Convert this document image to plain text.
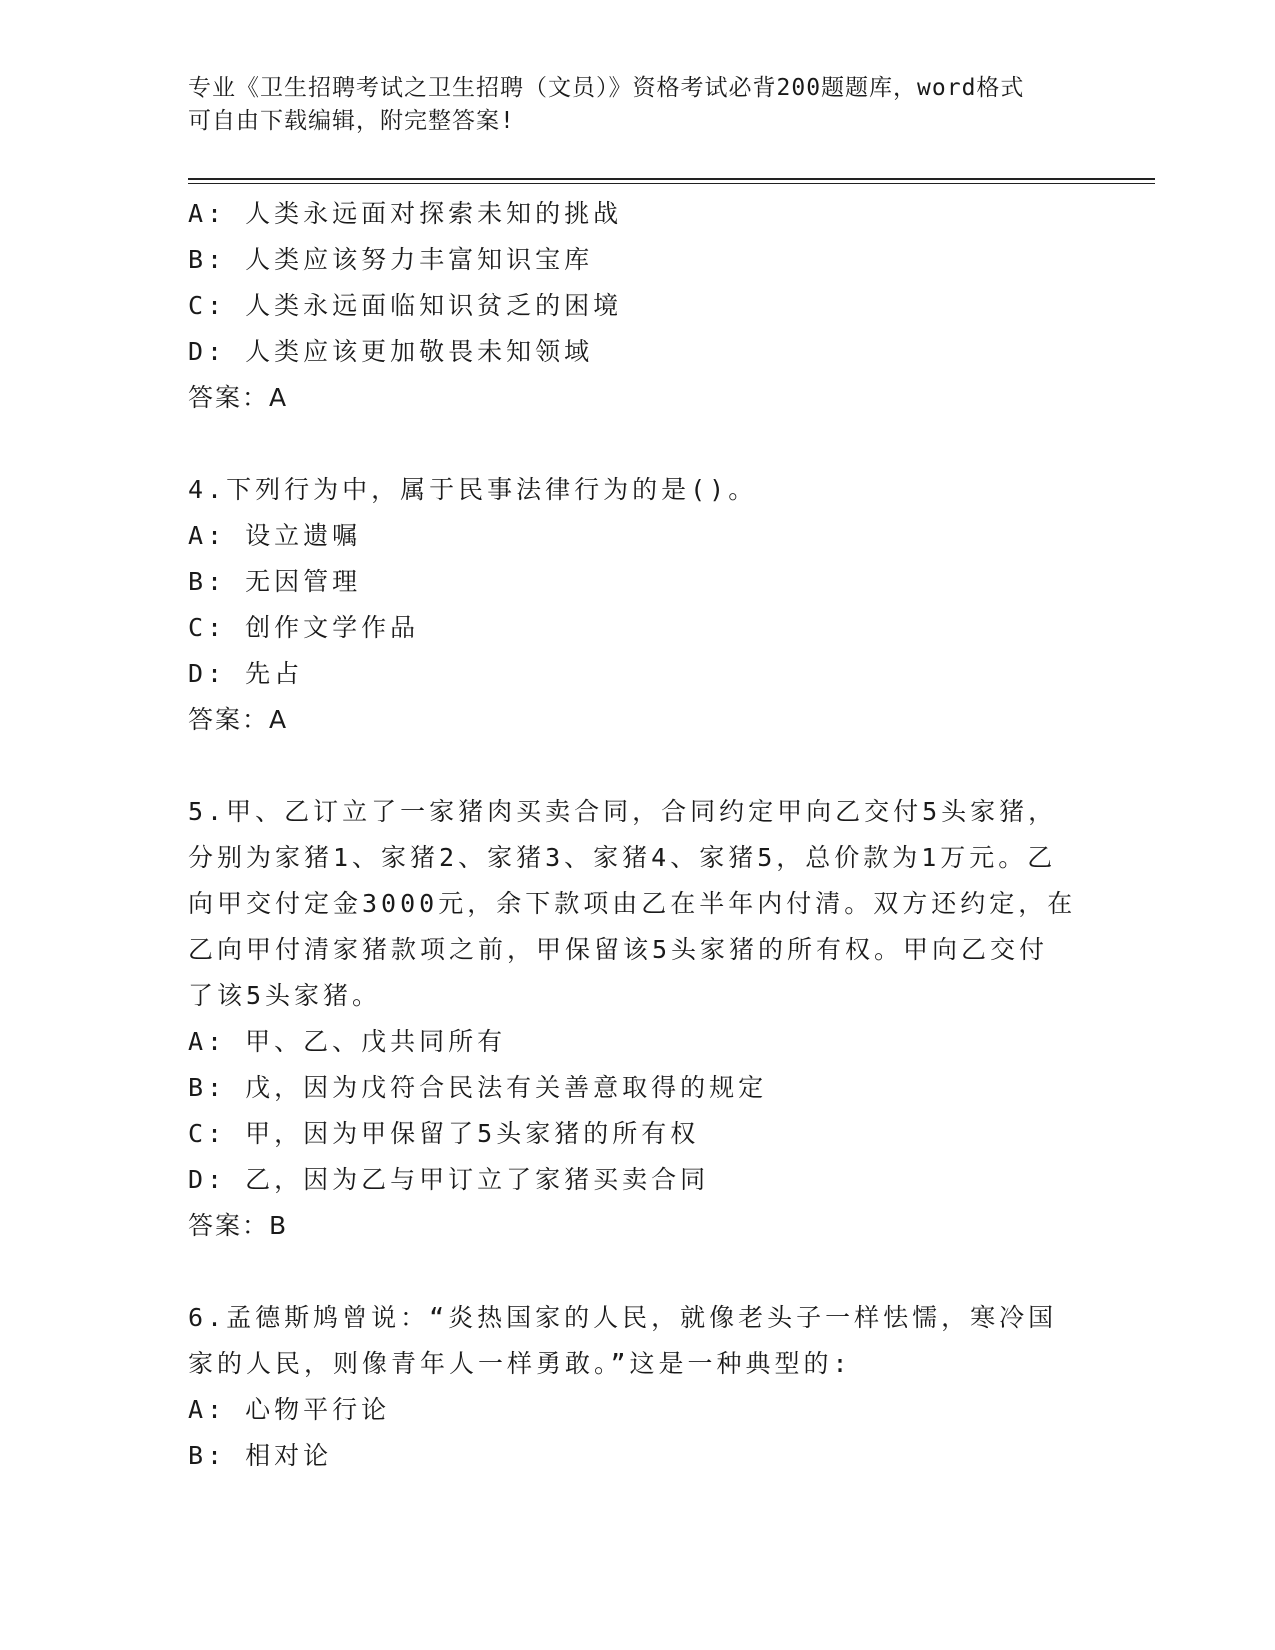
专业《卫生招聘考试之卫生招聘（文员）》资格考试必背200题题库，word格式
可自由下载编辑，附完整答案!
A: 人类永远面对探索未知的挑战
B: 人类应该努力丰富知识宝库
C: 人类永远面临知识贫乏的困境
D: 人类应该更加敬畏未知领域
答案：A
4.下列行为中，属于民事法律行为的是()。
A: 设立遗嘱
B: 无因管理
C: 创作文学作品
D: 先占
答案：A
5.甲、乙订立了一家猪肉买卖合同，合同约定甲向乙交付5头家猪，
分别为家猪1、家猪2、家猪3、家猪4、家猪5，总价款为1万元。乙
向甲交付定金3000元，余下款项由乙在半年内付清。双方还约定，在
乙向甲付清家猪款项之前，甲保留该5头家猪的所有权。甲向乙交付
了该5头家猪。
A: 甲、乙、戊共同所有
B: 戊，因为戊符合民法有关善意取得的规定
C: 甲，因为甲保留了5头家猪的所有权
D: 乙，因为乙与甲订立了家猪买卖合同
答案：B
6.孟德斯鸠曾说：“炎热国家的人民，就像老头子一样怯懦，寒冷国
家的人民，则像青年人一样勇敢。”这是一种典型的:
A: 心物平行论
B: 相对论
